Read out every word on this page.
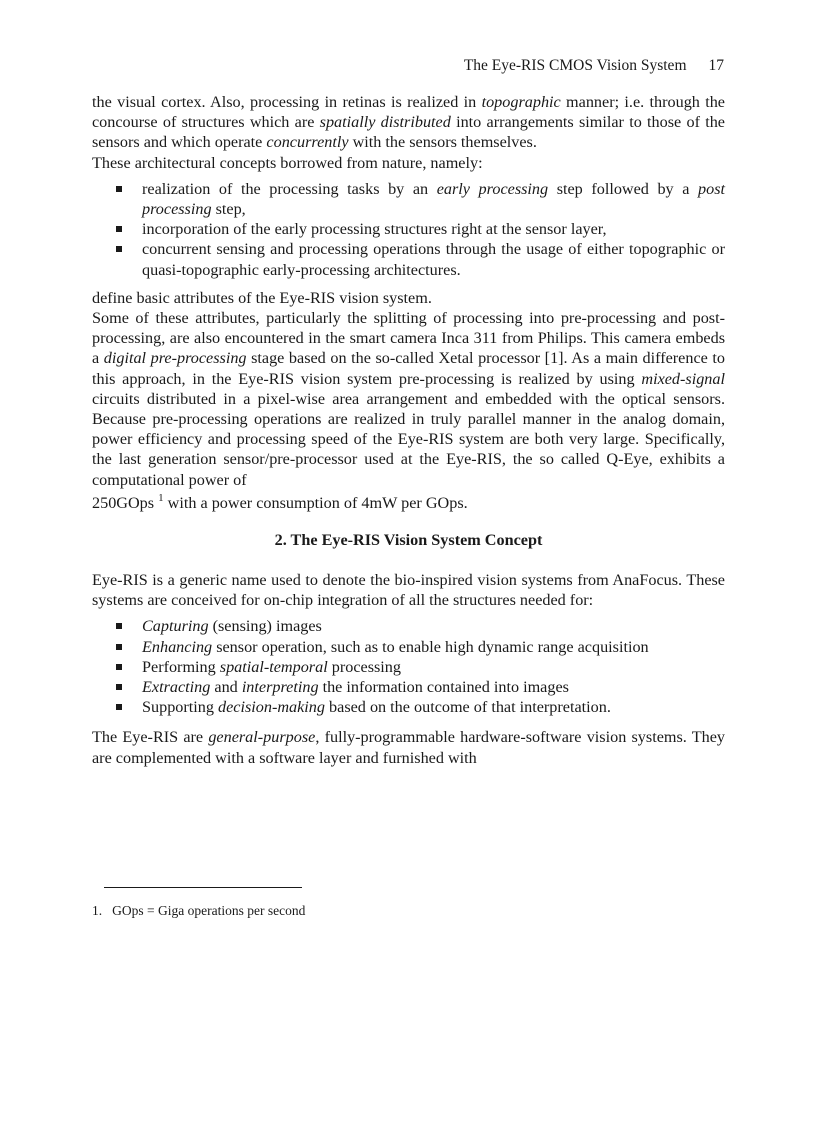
The Eye-RIS CMOS Vision System 17

the visual cortex. Also, processing in retinas is realized in topographic manner; i.e. through the concourse of structures which are spatially distributed into arrangements similar to those of the sensors and which operate concurrently with the sensors themselves.

These architectural concepts borrowed from nature, namely:

realization of the processing tasks by an early processing step followed by a post processing step,
incorporation of the early processing structures right at the sensor layer,
concurrent sensing and processing operations through the usage of either topographic or quasi-topographic early-processing architectures.

define basic attributes of the Eye-RIS vision system.

Some of these attributes, particularly the splitting of processing into pre-processing and post-processing, are also encountered in the smart camera Inca 311 from Philips. This camera embeds a digital pre-processing stage based on the so-called Xetal processor [1]. As a main difference to this approach, in the Eye-RIS vision system pre-processing is realized by using mixed-signal circuits distributed in a pixel-wise area arrangement and embedded with the optical sensors. Because pre-processing operations are realized in truly parallel manner in the analog domain, power efficiency and processing speed of the Eye-RIS system are both very large. Specifically, the last generation sensor/pre-processor used at the Eye-RIS, the so called Q-Eye, exhibits a computational power of

250GOps $^1$ with a power consumption of 4mW per GOps.

2. The Eye-RIS Vision System Concept

Eye-RIS is a generic name used to denote the bio-inspired vision systems from AnaFocus. These systems are conceived for on-chip integration of all the structures needed for:

Capturing (sensing) images
Enhancing sensor operation, such as to enable high dynamic range acquisition
Performing spatial-temporal processing
Extracting and interpreting the information contained into images
Supporting decision-making based on the outcome of that interpretation.

The Eye-RIS are general-purpose, fully-programmable hardware-software vision systems. They are complemented with a software layer and furnished with

1. GOps = Giga operations per second
